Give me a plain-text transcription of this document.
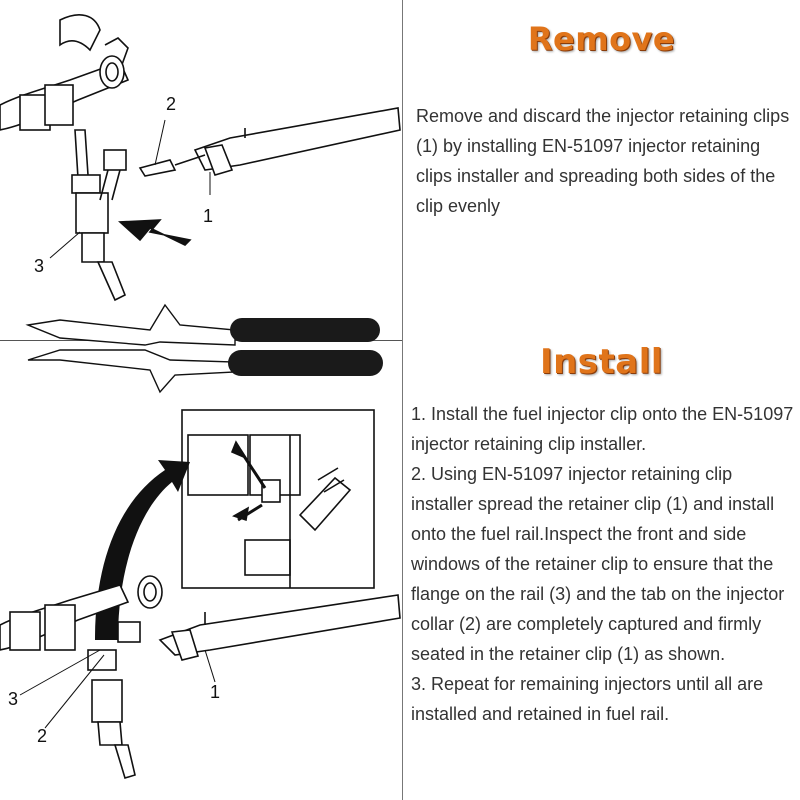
2
1
3
3
2
1
Remove
Remove and discard the injector retaining clips (1) by installing EN-51097 injector retaining clips installer and spreading both sides of the clip evenly
Install
1. Install the fuel injector clip onto the EN-51097 injector retaining clip installer.
2. Using EN-51097 injector retaining clip installer spread the retainer clip (1) and install onto the fuel rail.Inspect the front and side windows of the retainer clip to ensure that the flange on the rail (3) and the tab on the injector collar (2) are completely captured and firmly seated in the retainer clip (1) as shown.
3. Repeat for remaining injectors until all are installed and retained in fuel rail.
